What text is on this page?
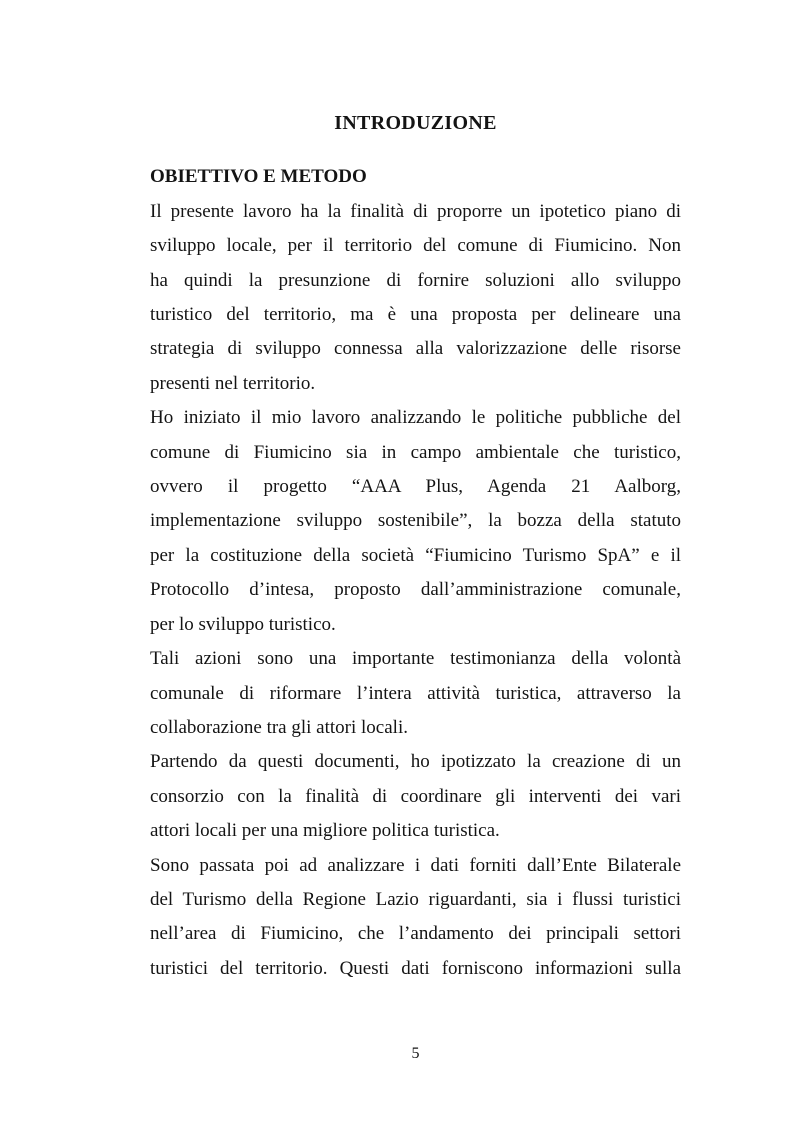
INTRODUZIONE
OBIETTIVO E METODO
Il presente lavoro ha la finalità di proporre un ipotetico piano di
sviluppo locale, per il territorio del comune di Fiumicino. Non
ha quindi la presunzione di fornire soluzioni allo sviluppo
turistico del territorio, ma è una proposta per delineare una
strategia di sviluppo connessa alla valorizzazione delle risorse
presenti nel territorio.
Ho iniziato il mio lavoro analizzando le politiche pubbliche del
comune di Fiumicino sia in campo ambientale che turistico,
ovvero il progetto “AAA Plus, Agenda 21 Aalborg,
implementazione sviluppo sostenibile”, la bozza della statuto
per la costituzione della società “Fiumicino Turismo SpA” e il
Protocollo d’intesa, proposto dall’amministrazione comunale,
per lo sviluppo turistico.
Tali azioni sono una importante testimonianza della volontà
comunale di riformare l’intera attività turistica, attraverso la
collaborazione tra gli attori locali.
Partendo da questi documenti, ho ipotizzato la creazione di un
consorzio con la finalità di coordinare gli interventi dei vari
attori locali per una migliore politica turistica.
Sono passata poi ad analizzare i dati forniti dall’Ente Bilaterale
del Turismo della Regione Lazio riguardanti, sia i flussi turistici
nell’area di Fiumicino, che l’andamento dei principali settori
turistici del territorio. Questi dati forniscono informazioni sulla
5
